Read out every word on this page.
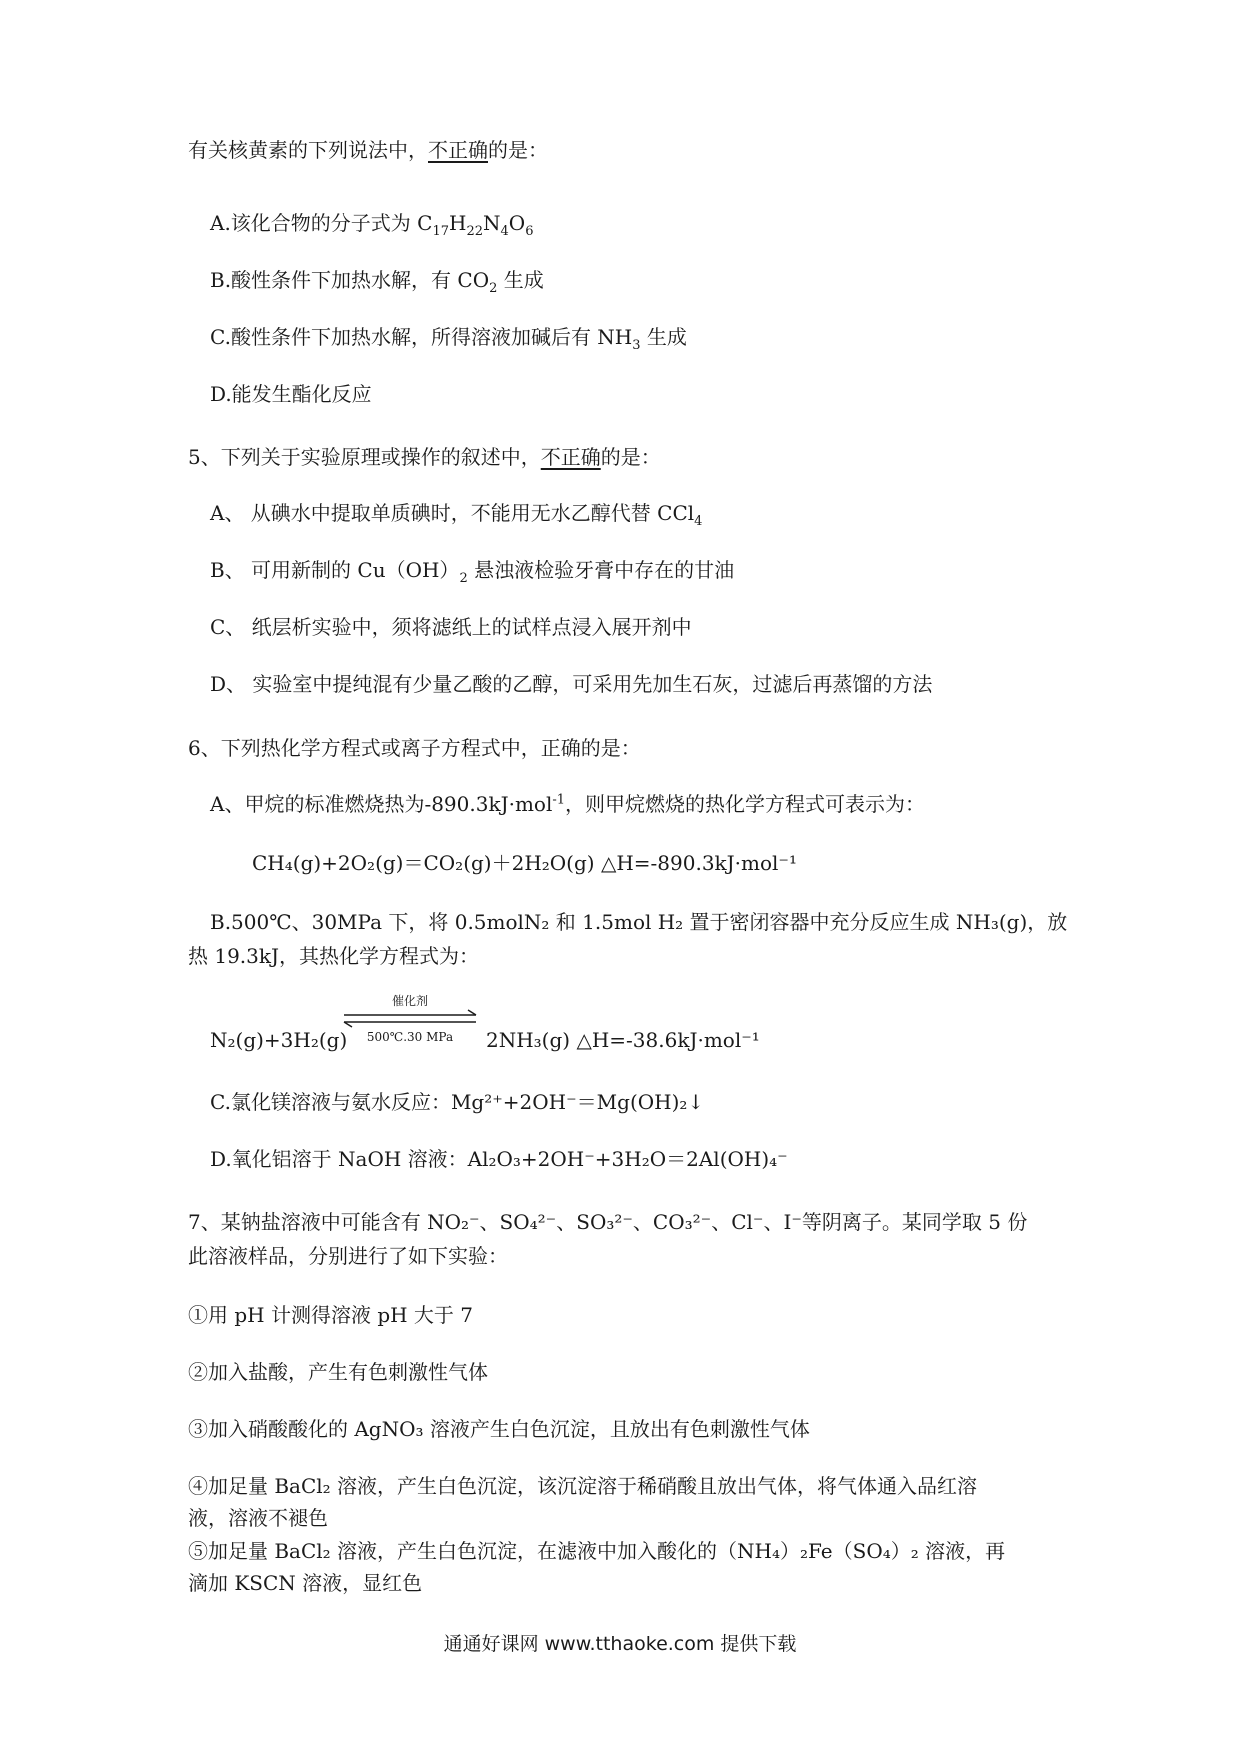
有关核黄素的下列说法中，不正确的是：
A.该化合物的分子式为 $C_{17}H_{22}N_4O_6$
B.酸性条件下加热水解，有 $CO_2$ 生成
C.酸性条件下加热水解，所得溶液加碱后有 $NH_3$ 生成
D.能发生酯化反应
5、下列关于实验原理或操作的叙述中，不正确的是：
A、 从碘水中提取单质碘时，不能用无水乙醇代替 CCl$_4$
B、 可用新制的 $Cu(OH)_2$ 悬浊液检验牙膏中存在的甘油
C、 纸层析实验中，须将滤纸上的试样点浸入展开剂中
D、 实验室中提纯混有少量乙酸的乙醇，可采用先加生石灰，过滤后再蒸馏的方法
6、下列热化学方程式或离子方程式中，正确的是：
A、甲烷的标准燃烧热为-890.3kJ·mol$^{-1}$，则甲烷燃烧的热化学方程式可表示为：
CH₄(g)+2O₂(g)＝CO₂(g)＋2H₂O(g) △H=-890.3kJ·mol⁻¹
B.500℃、30MPa 下，将 0.5molN₂ 和 1.5mol H₂ 置于密闭容器中充分反应生成 NH₃(g)，放
热 19.3kJ，其热化学方程式为：
N₂(g)+3H₂(g)
催化剂
500℃.30 MPa	2NH₃(g) △H=-38.6kJ·mol⁻¹
C.氯化镁溶液与氨水反应：Mg²⁺+2OH⁻＝Mg(OH)₂↓
D.氧化铝溶于 NaOH 溶液：Al₂O₃+2OH⁻+3H₂O＝2Al(OH)₄⁻
7、某钠盐溶液中可能含有 NO₂⁻、SO₄²⁻、SO₃²⁻、CO₃²⁻、Cl⁻、I⁻等阴离子。某同学取 5 份
此溶液样品，分别进行了如下实验：
①用 pH 计测得溶液 pH 大于 7
②加入盐酸，产生有色刺激性气体
③加入硝酸酸化的 AgNO₃ 溶液产生白色沉淀，且放出有色刺激性气体
④加足量 BaCl₂ 溶液，产生白色沉淀，该沉淀溶于稀硝酸且放出气体，将气体通入品红溶
液，溶液不褪色
⑤加足量 BaCl₂ 溶液，产生白色沉淀，在滤液中加入酸化的（NH₄）₂Fe（SO₄）₂ 溶液，再
滴加 KSCN 溶液，显红色
通通好课网 www.tthaoke.com 提供下载
